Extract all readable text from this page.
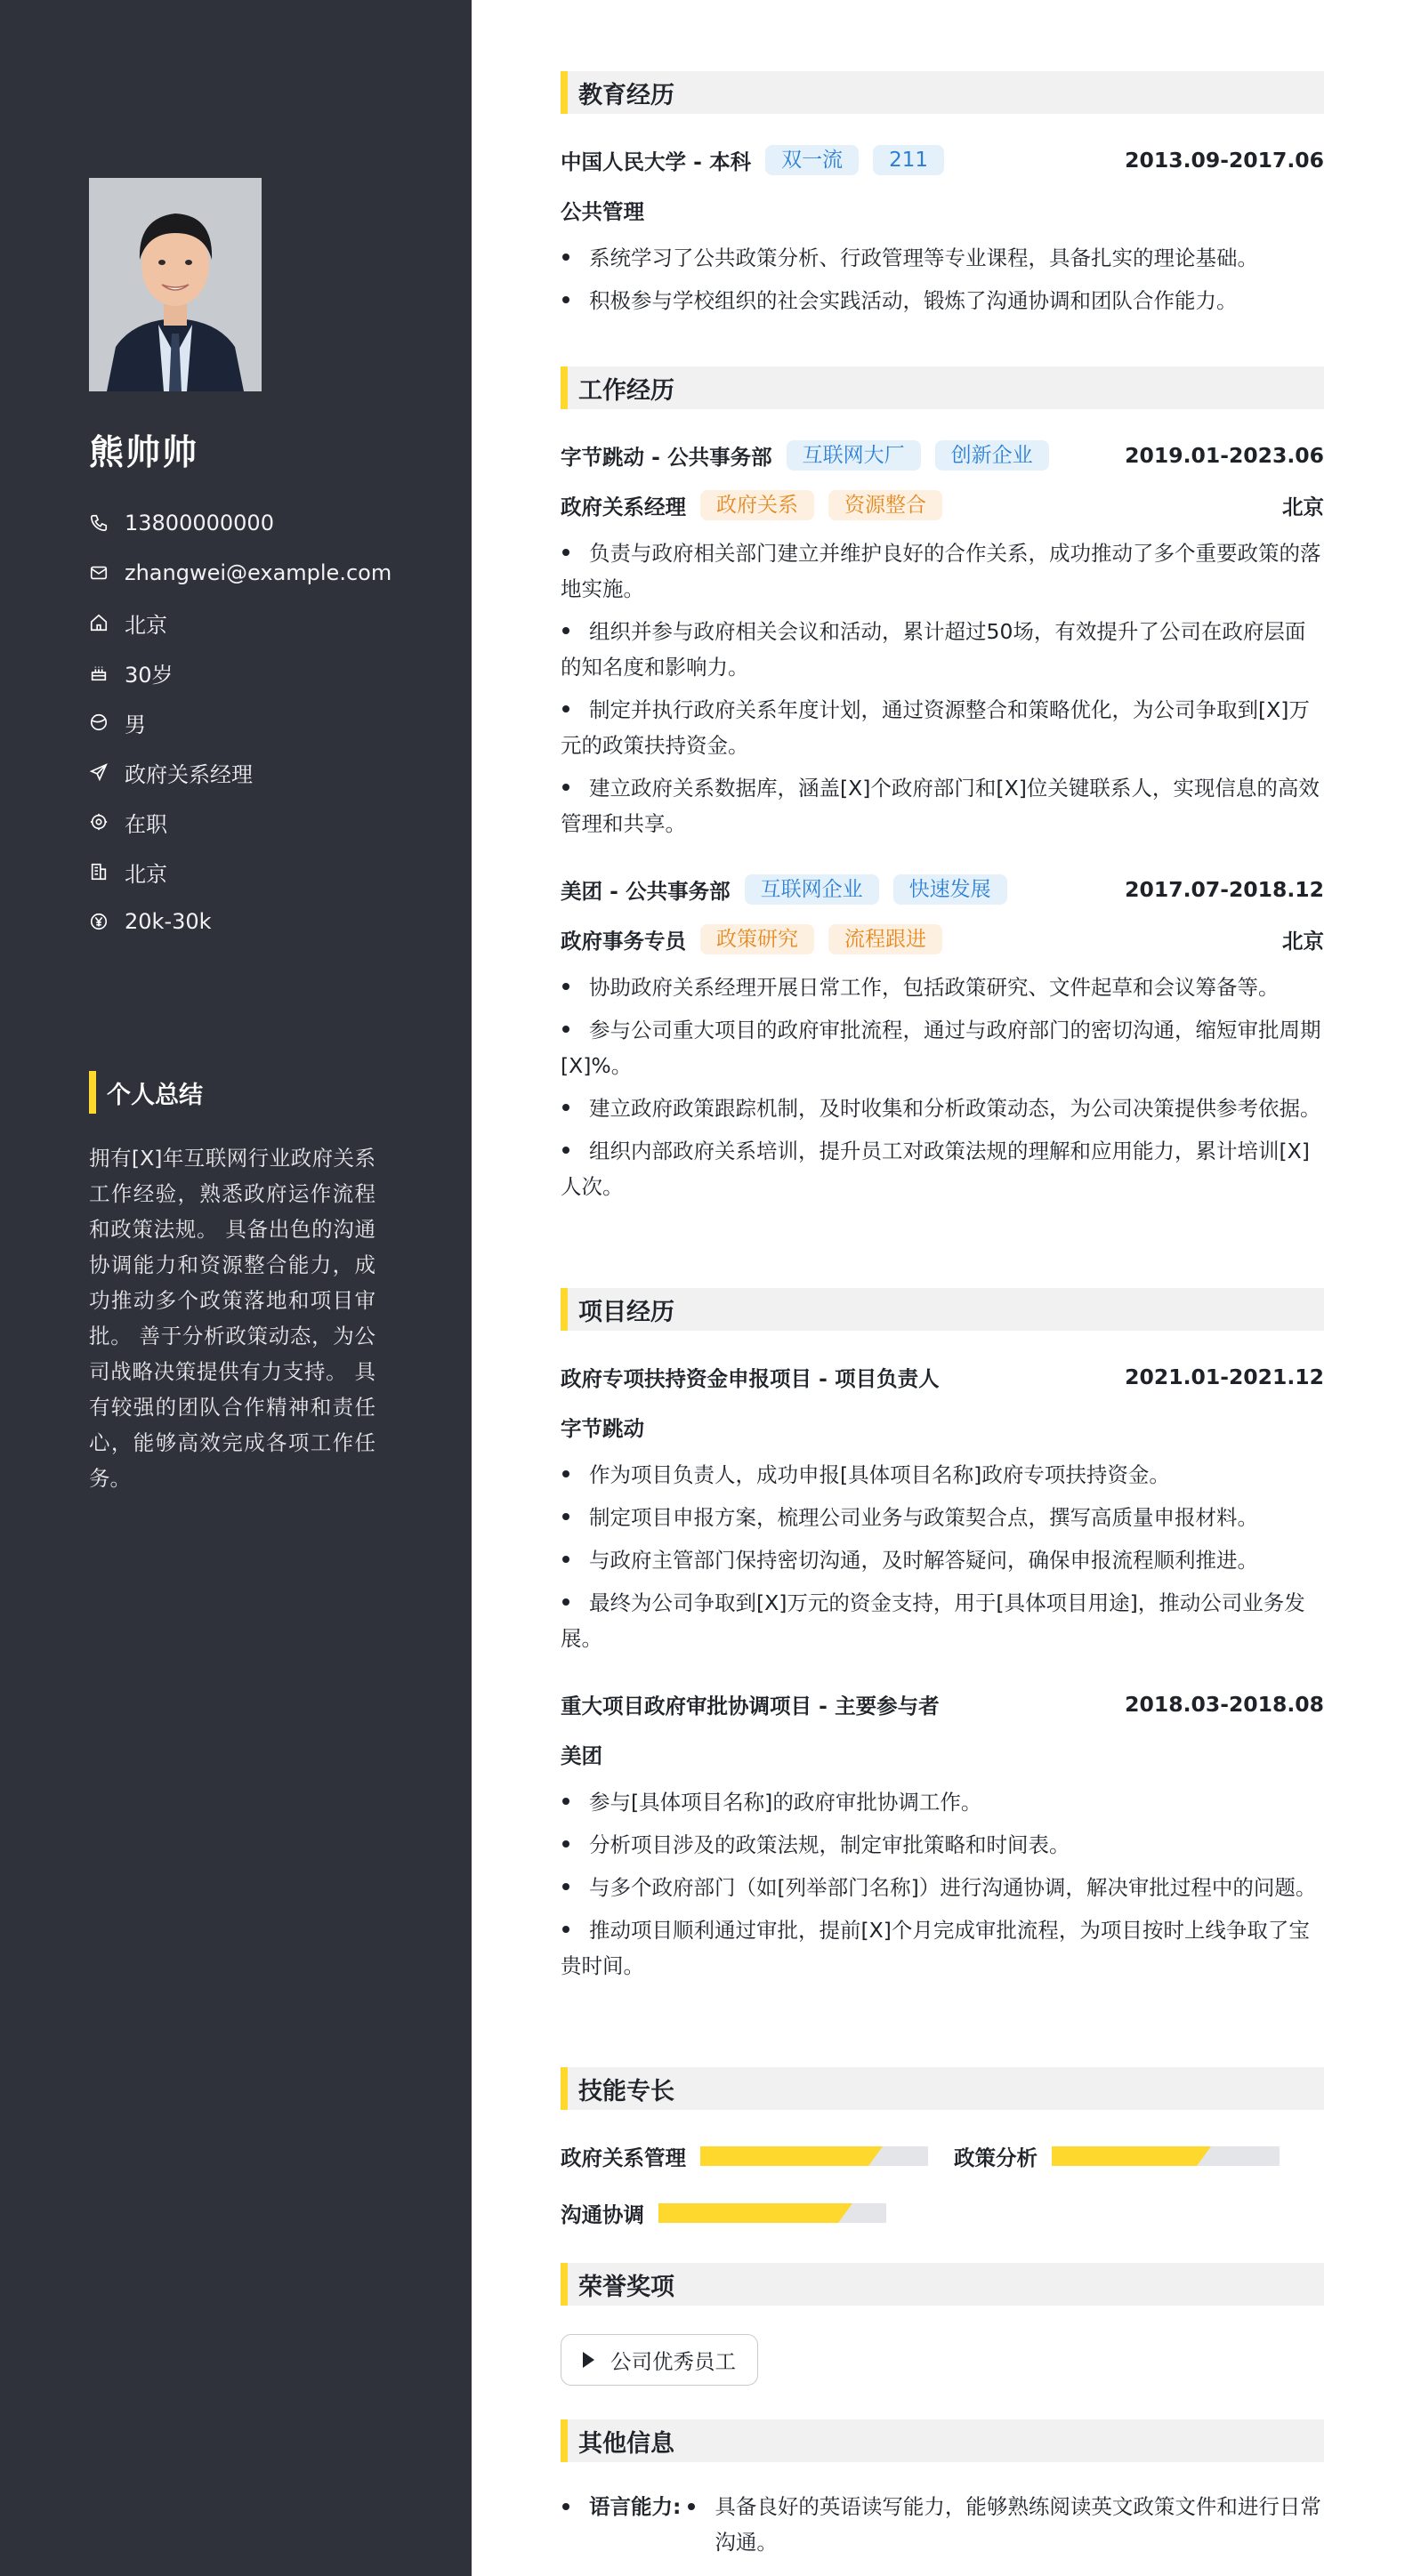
熊帅帅
13800000000
zhangwei@example.com
北京
30岁
男
政府关系经理
在职
北京
20k-30k
个人总结

拥有[X]年互联网行业政府关系工作经验，熟悉政府运作流程和政策法规。 具备出色的沟通协调能力和资源整合能力，成功推动多个政策落地和项目审批。 善于分析政策动态，为公司战略决策提供有力支持。 具有较强的团队合作精神和责任心，能够高效完成各项工作任务。

教育经历
中国人民大学 - 本科	双一流	211	2013.09-2017.06
公共管理
系统学习了公共政策分析、行政管理等专业课程，具备扎实的理论基础。
积极参与学校组织的社会实践活动，锻炼了沟通协调和团队合作能力。
工作经历
字节跳动 - 公共事务部	互联网大厂	创新企业	2019.01-2023.06
政府关系经理	政府关系	资源整合	北京
负责与政府相关部门建立并维护良好的合作关系，成功推动了多个重要政策的落地实施。
组织并参与政府相关会议和活动，累计超过50场，有效提升了公司在政府层面的知名度和影响力。
制定并执行政府关系年度计划，通过资源整合和策略优化，为公司争取到[X]万元的政策扶持资金。
建立政府关系数据库，涵盖[X]个政府部门和[X]位关键联系人，实现信息的高效管理和共享。
美团 - 公共事务部	互联网企业	快速发展	2017.07-2018.12
政府事务专员	政策研究	流程跟进	北京
协助政府关系经理开展日常工作，包括政策研究、文件起草和会议筹备等。
参与公司重大项目的政府审批流程，通过与政府部门的密切沟通，缩短审批周期[X]%。
建立政府政策跟踪机制，及时收集和分析政策动态，为公司决策提供参考依据。
组织内部政府关系培训，提升员工对政策法规的理解和应用能力，累计培训[X]人次。
项目经历
政府专项扶持资金申报项目 - 项目负责人	2021.01-2021.12
字节跳动
作为项目负责人，成功申报[具体项目名称]政府专项扶持资金。
制定项目申报方案，梳理公司业务与政策契合点，撰写高质量申报材料。
与政府主管部门保持密切沟通，及时解答疑问，确保申报流程顺利推进。
最终为公司争取到[X]万元的资金支持，用于[具体项目用途]，推动公司业务发展。
重大项目政府审批协调项目 - 主要参与者	2018.03-2018.08
美团
参与[具体项目名称]的政府审批协调工作。
分析项目涉及的政策法规，制定审批策略和时间表。
与多个政府部门（如[列举部门名称]）进行沟通协调，解决审批过程中的问题。
推动项目顺利通过审批，提前[X]个月完成审批流程，为项目按时上线争取了宝贵时间。
技能专长
政府关系管理	政策分析
沟通协调
荣誉奖项
公司优秀员工
其他信息
语言能力: 具备良好的英语读写能力，能够熟练阅读英文政策文件和进行日常沟通。
